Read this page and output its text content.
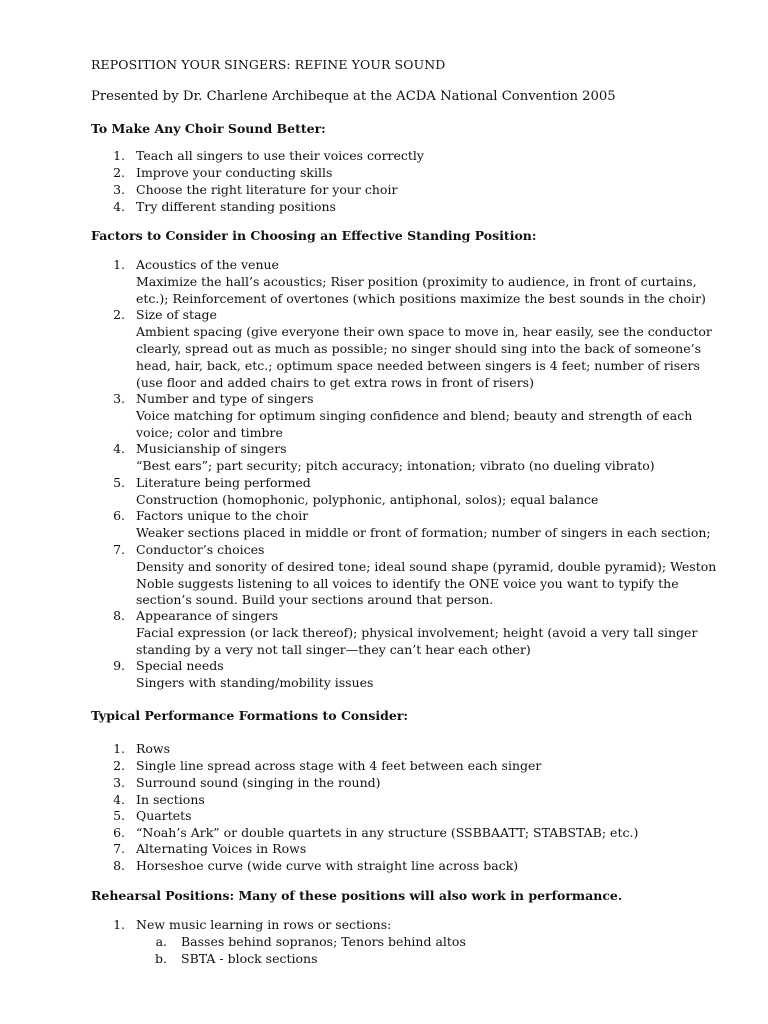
REPOSITION YOUR SINGERS: REFINE YOUR SOUND
Presented by Dr. Charlene Archibeque at the ACDA National Convention 2005
To Make Any Choir Sound Better:
1. Teach all singers to use their voices correctly
2. Improve your conducting skills
3. Choose the right literature for your choir
4. Try different standing positions
Factors to Consider in Choosing an Effective Standing Position:
1. Acoustics of the venue
Maximize the hall’s acoustics; Riser position (proximity to audience, in front of curtains,
etc.); Reinforcement of overtones (which positions maximize the best sounds in the choir)
2. Size of stage
Ambient spacing (give everyone their own space to move in, hear easily, see the conductor
clearly, spread out as much as possible; no singer should sing into the back of someone’s
head, hair, back, etc.; optimum space needed between singers is 4 feet; number of risers
(use floor and added chairs to get extra rows in front of risers)
3. Number and type of singers
Voice matching for optimum singing confidence and blend; beauty and strength of each
voice; color and timbre
4. Musicianship of singers
“Best ears”; part security; pitch accuracy; intonation; vibrato (no dueling vibrato)
5. Literature being performed
Construction (homophonic, polyphonic, antiphonal, solos); equal balance
6. Factors unique to the choir
Weaker sections placed in middle or front of formation; number of singers in each section;
7. Conductor’s choices
Density and sonority of desired tone; ideal sound shape (pyramid, double pyramid); Weston
Noble suggests listening to all voices to identify the ONE voice you want to typify the
section’s sound. Build your sections around that person.
8. Appearance of singers
Facial expression (or lack thereof); physical involvement; height (avoid a very tall singer
standing by a very not tall singer—they can’t hear each other)
9. Special needs
Singers with standing/mobility issues
Typical Performance Formations to Consider:
1. Rows
2. Single line spread across stage with 4 feet between each singer
3. Surround sound (singing in the round)
4. In sections
5. Quartets
6. “Noah’s Ark” or double quartets in any structure (SSBBAATT; STABSTAB; etc.)
7. Alternating Voices in Rows
8. Horseshoe curve (wide curve with straight line across back)
Rehearsal Positions: Many of these positions will also work in performance.
1. New music learning in rows or sections:
a. Basses behind sopranos; Tenors behind altos
b. SBTA - block sections
